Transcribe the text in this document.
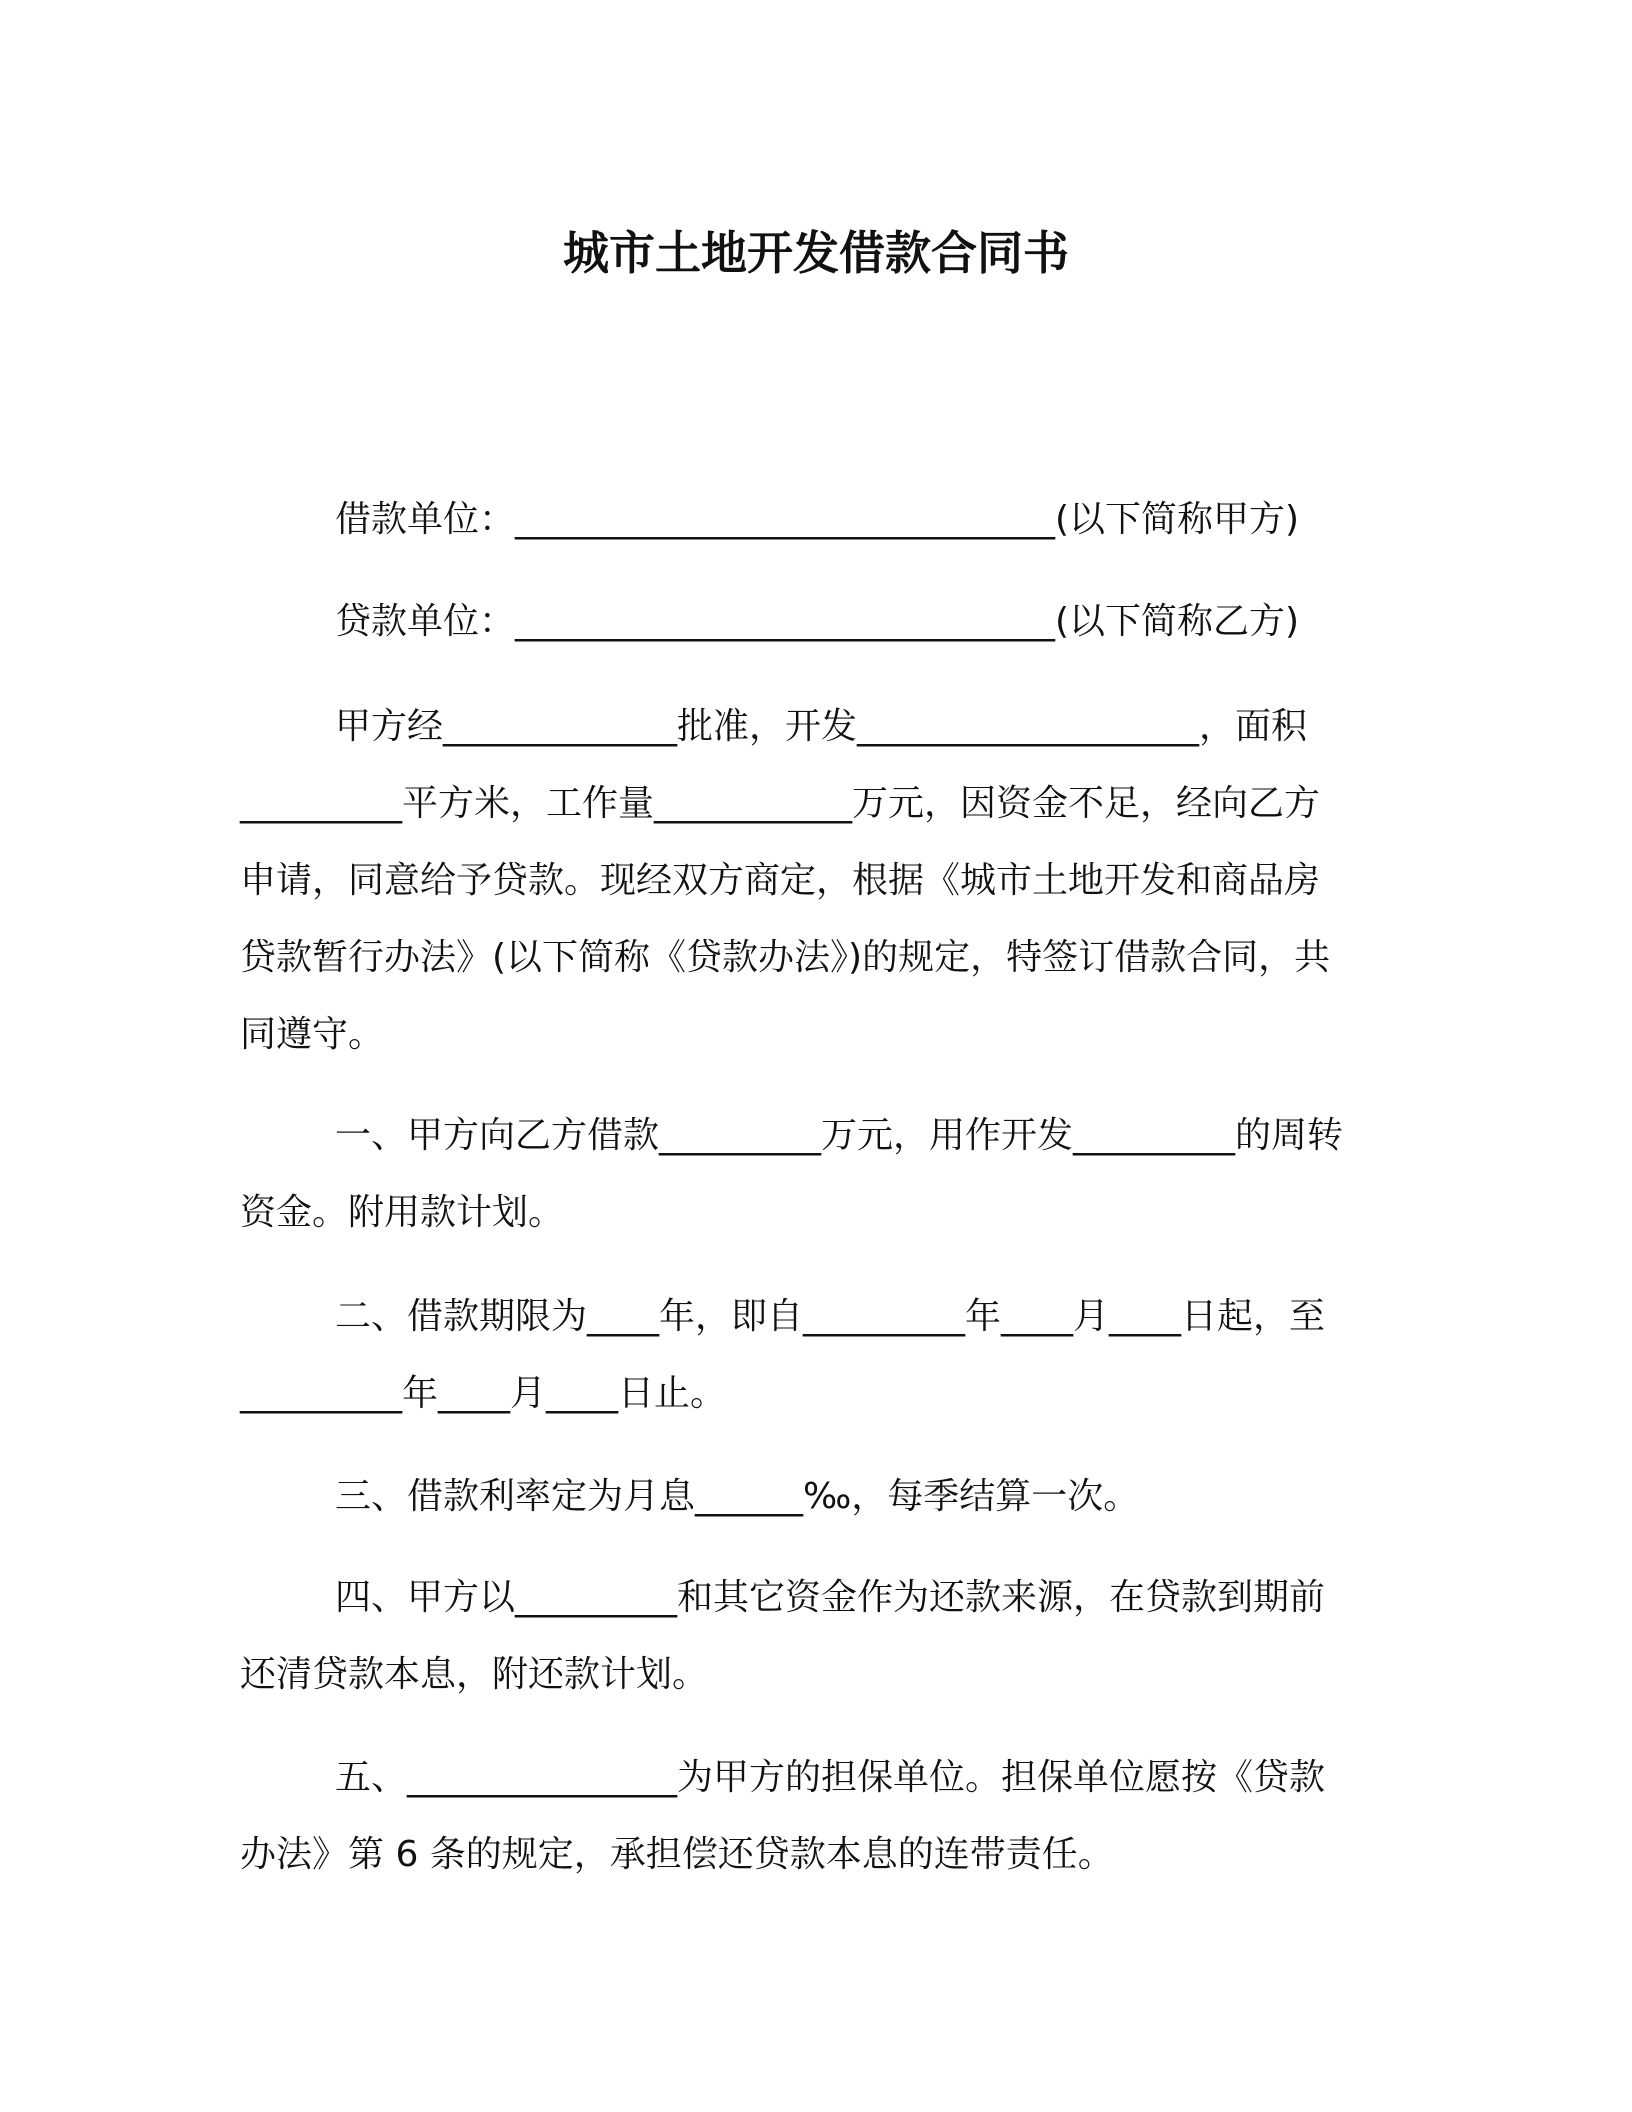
城市土地开发借款合同书

借款单位：______________________________(以下简称甲方)

贷款单位：______________________________(以下简称乙方)

甲方经_____________批准，开发___________________，面积
_________平方米，工作量___________万元，因资金不足，经向乙方
申请，同意给予贷款。现经双方商定，根据《城市土地开发和商品房
贷款暂行办法》(以下简称《贷款办法》)的规定，特签订借款合同，共
同遵守。
一、甲方向乙方借款_________万元，用作开发_________的周转
资金。附用款计划。
二、借款期限为____年，即自_________年____月____日起，至
_________年____月____日止。
三、借款利率定为月息______‰，每季结算一次。
四、甲方以_________和其它资金作为还款来源，在贷款到期前
还清贷款本息，附还款计划。
五、_______________为甲方的担保单位。担保单位愿按《贷款
办法》第 6 条的规定，承担偿还贷款本息的连带责任。
